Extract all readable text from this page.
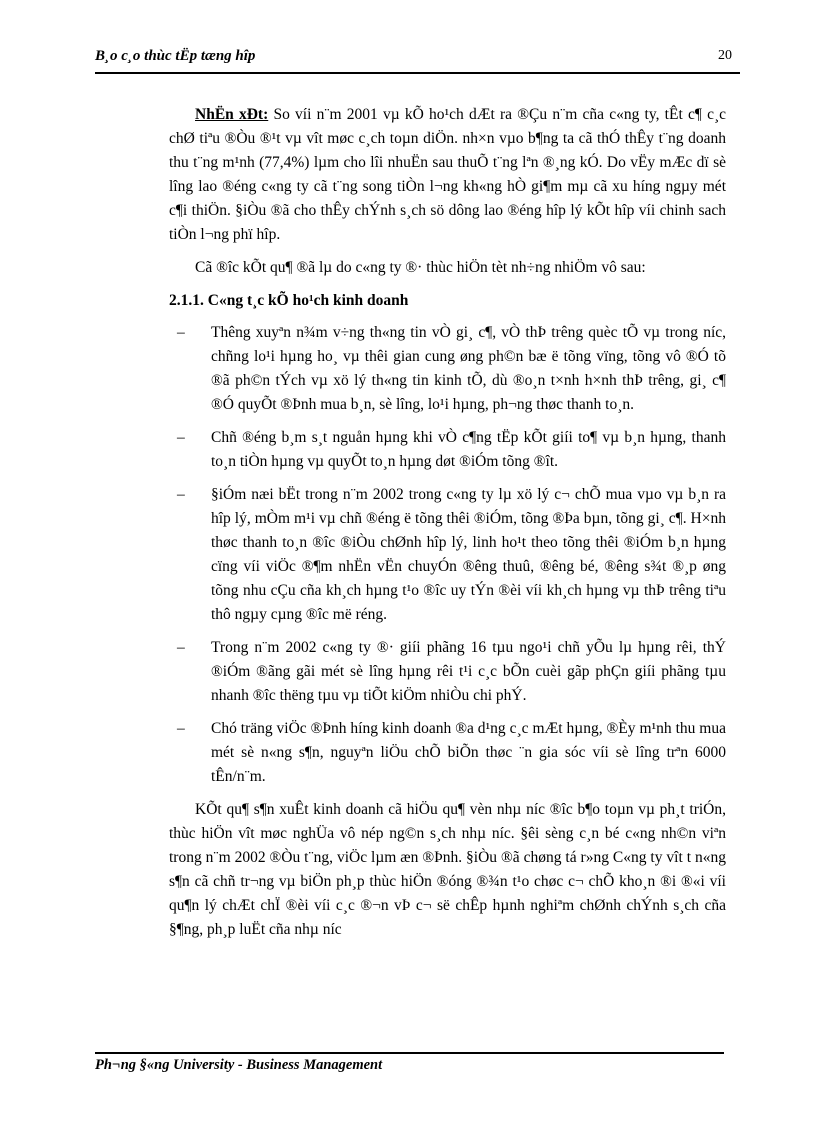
B¸o c¸o thùc tËp tæng hîp	20

NhËn xÐt: So víi n¨m 2001 vµ kÕ ho¹ch dÆt ra ®Çu n¨m cña c«ng ty, tÊt c¶ c¸c chØ tiªu ®Òu ®¹t vµ vît møc c¸ch toµn diÖn. nh×n vµo b¶ng ta cã thÓ thÊy t¨ng doanh thu t¨ng m¹nh (77,4%) lµm cho lîi nhuËn sau thuÕ t¨ng lªn ®¸ng kÓ. Do vËy mÆc dï sè lîng lao ®éng c«ng ty cã t¨ng song tiÒn l¬ng kh«ng hÒ gi¶m mµ cã xu híng ngµy mét c¶i thiÖn. §iÒu ®ã cho thÊy chÝnh s¸ch sö dông lao ®éng hîp lý kÕt hîp víi chinh sach tiÒn l¬ng phï hîp.

Cã ®îc kÕt qu¶ ®ã lµ do c«ng ty ®· thùc hiÖn tèt nh÷ng nhiÖm vô sau:

2.1.1. C«ng t¸c kÕ ho¹ch kinh doanh
– Thêng xuyªn n¾m v÷ng th«ng tin vÒ gi¸ c¶, vÒ thÞ trêng quèc tÕ vµ trong níc, chñng lo¹i hµng ho¸ vµ thêi gian cung øng ph©n bæ ë tõng vïng, tõng vô ®Ó tõ ®ã ph©n tÝch vµ xö lý th«ng tin kinh tÕ, dù ®o¸n t×nh h×nh thÞ trêng, gi¸ c¶ ®Ó quyÕt ®Þnh mua b¸n, sè lîng, lo¹i hµng, ph¬ng thøc thanh to¸n.
– Chñ ®éng b¸m s¸t nguån hµng khi vÒ c¶ng tËp kÕt giíi to¶ vµ b¸n hµng, thanh to¸n tiÒn hµng vµ quyÕt to¸n hµng døt ®iÓm tõng ®ît.
– §iÓm næi bËt trong n¨m 2002 trong c«ng ty lµ xö lý c¬ chÕ mua vµo vµ b¸n ra hîp lý, mÒm m¹i vµ chñ ®éng ë tõng thêi ®iÓm, tõng ®Þa bµn, tõng gi¸ c¶. H×nh thøc thanh to¸n ®îc ®iÒu chØnh hîp lý, linh ho¹t theo tõng thêi ®iÓm b¸n hµng cïng víi viÖc ®¶m nhËn vËn chuyÓn ®êng thuû, ®êng bé, ®êng s¾t ®¸p øng tõng nhu cÇu cña kh¸ch hµng t¹o ®îc uy tÝn ®èi víi kh¸ch hµng vµ thÞ trêng tiªu thô ngµy cµng ®îc më réng.
– Trong n¨m 2002 c«ng ty ®· giíi phãng 16 tµu ngo¹i chñ yÕu lµ hµng rêi, thÝ ®iÓm ®ãng gãi mét sè lîng hµng rêi t¹i c¸c bÕn cuèi gãp phÇn giíi phãng tµu nhanh ®îc thëng tµu vµ tiÕt kiÖm nhiÒu chi phÝ.
– Chó träng viÖc ®Þnh híng kinh doanh ®a d¹ng c¸c mÆt hµng, ®Èy m¹nh thu mua mét sè n«ng s¶n, nguyªn liÖu chÕ biÕn thøc ¨n gia sóc víi sè lîng trªn 6000 tÊn/n¨m.

KÕt qu¶ s¶n xuÊt kinh doanh cã hiÖu qu¶ vèn nhµ níc ®îc b¶o toµn vµ ph¸t triÓn, thùc hiÖn vît møc nghÜa vô nép ng©n s¸ch nhµ níc. §êi sèng c¸n bé c«ng nh©n viªn trong n¨m 2002 ®Òu t¨ng, viÖc lµm æn ®Þnh. §iÒu ®ã chøng tá r»ng C«ng ty vît t n«ng s¶n cã chñ tr¬ng vµ biÖn ph¸p thùc hiÖn ®óng ®¾n t¹o chøc c¬ chÕ kho¸n ®i ®«i víi qu¶n lý chÆt chÏ ®èi víi c¸c ®¬n vÞ c¬ së chÊp hµnh nghiªm chØnh chÝnh s¸ch cña §¶ng, ph¸p luËt cña nhµ níc

Ph¬ng §«ng University - Business Management
